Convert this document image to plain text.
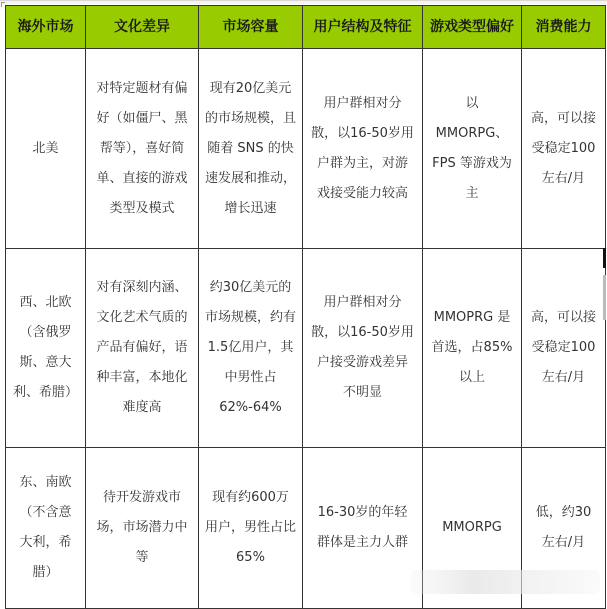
海外市场	文化差异	市场容量	用户结构及特征	游戏类型偏好	消费能力

北美	对特定题材有偏
好（如僵尸、黑
帮等），喜好简
单、直接的游戏
类型及模式	现有20亿美元
的市场规模，且
随着 SNS 的快
速发展和推动，
增长迅速	用户群相对分
散，以16-50岁用
户群为主，对游
戏接受能力较高	以
MMORPG、
FPS 等游戏为
主	高，可以接
受稳定100
左右/月

西、北欧
（含俄罗
斯、意大
利、希腊）	对有深刻内涵、
文化艺术气质的
产品有偏好，语
种丰富，本地化
难度高	约30亿美元的
市场规模，约有
1.5亿用户，其
中男性占
62%-64%	用户群相对分
散，以16-50岁用
户接受游戏差异
不明显	MMOPRG 是
首选，占85%
以上	高，可以接
受稳定100
左右/月

东、南欧
（不含意
大利，希
腊）	待开发游戏市
场，市场潜力中
等	现有约600万
用户，男性占比
65%	16-30岁的年轻
群体是主力人群	MMORPG	低，约30
左右/月
